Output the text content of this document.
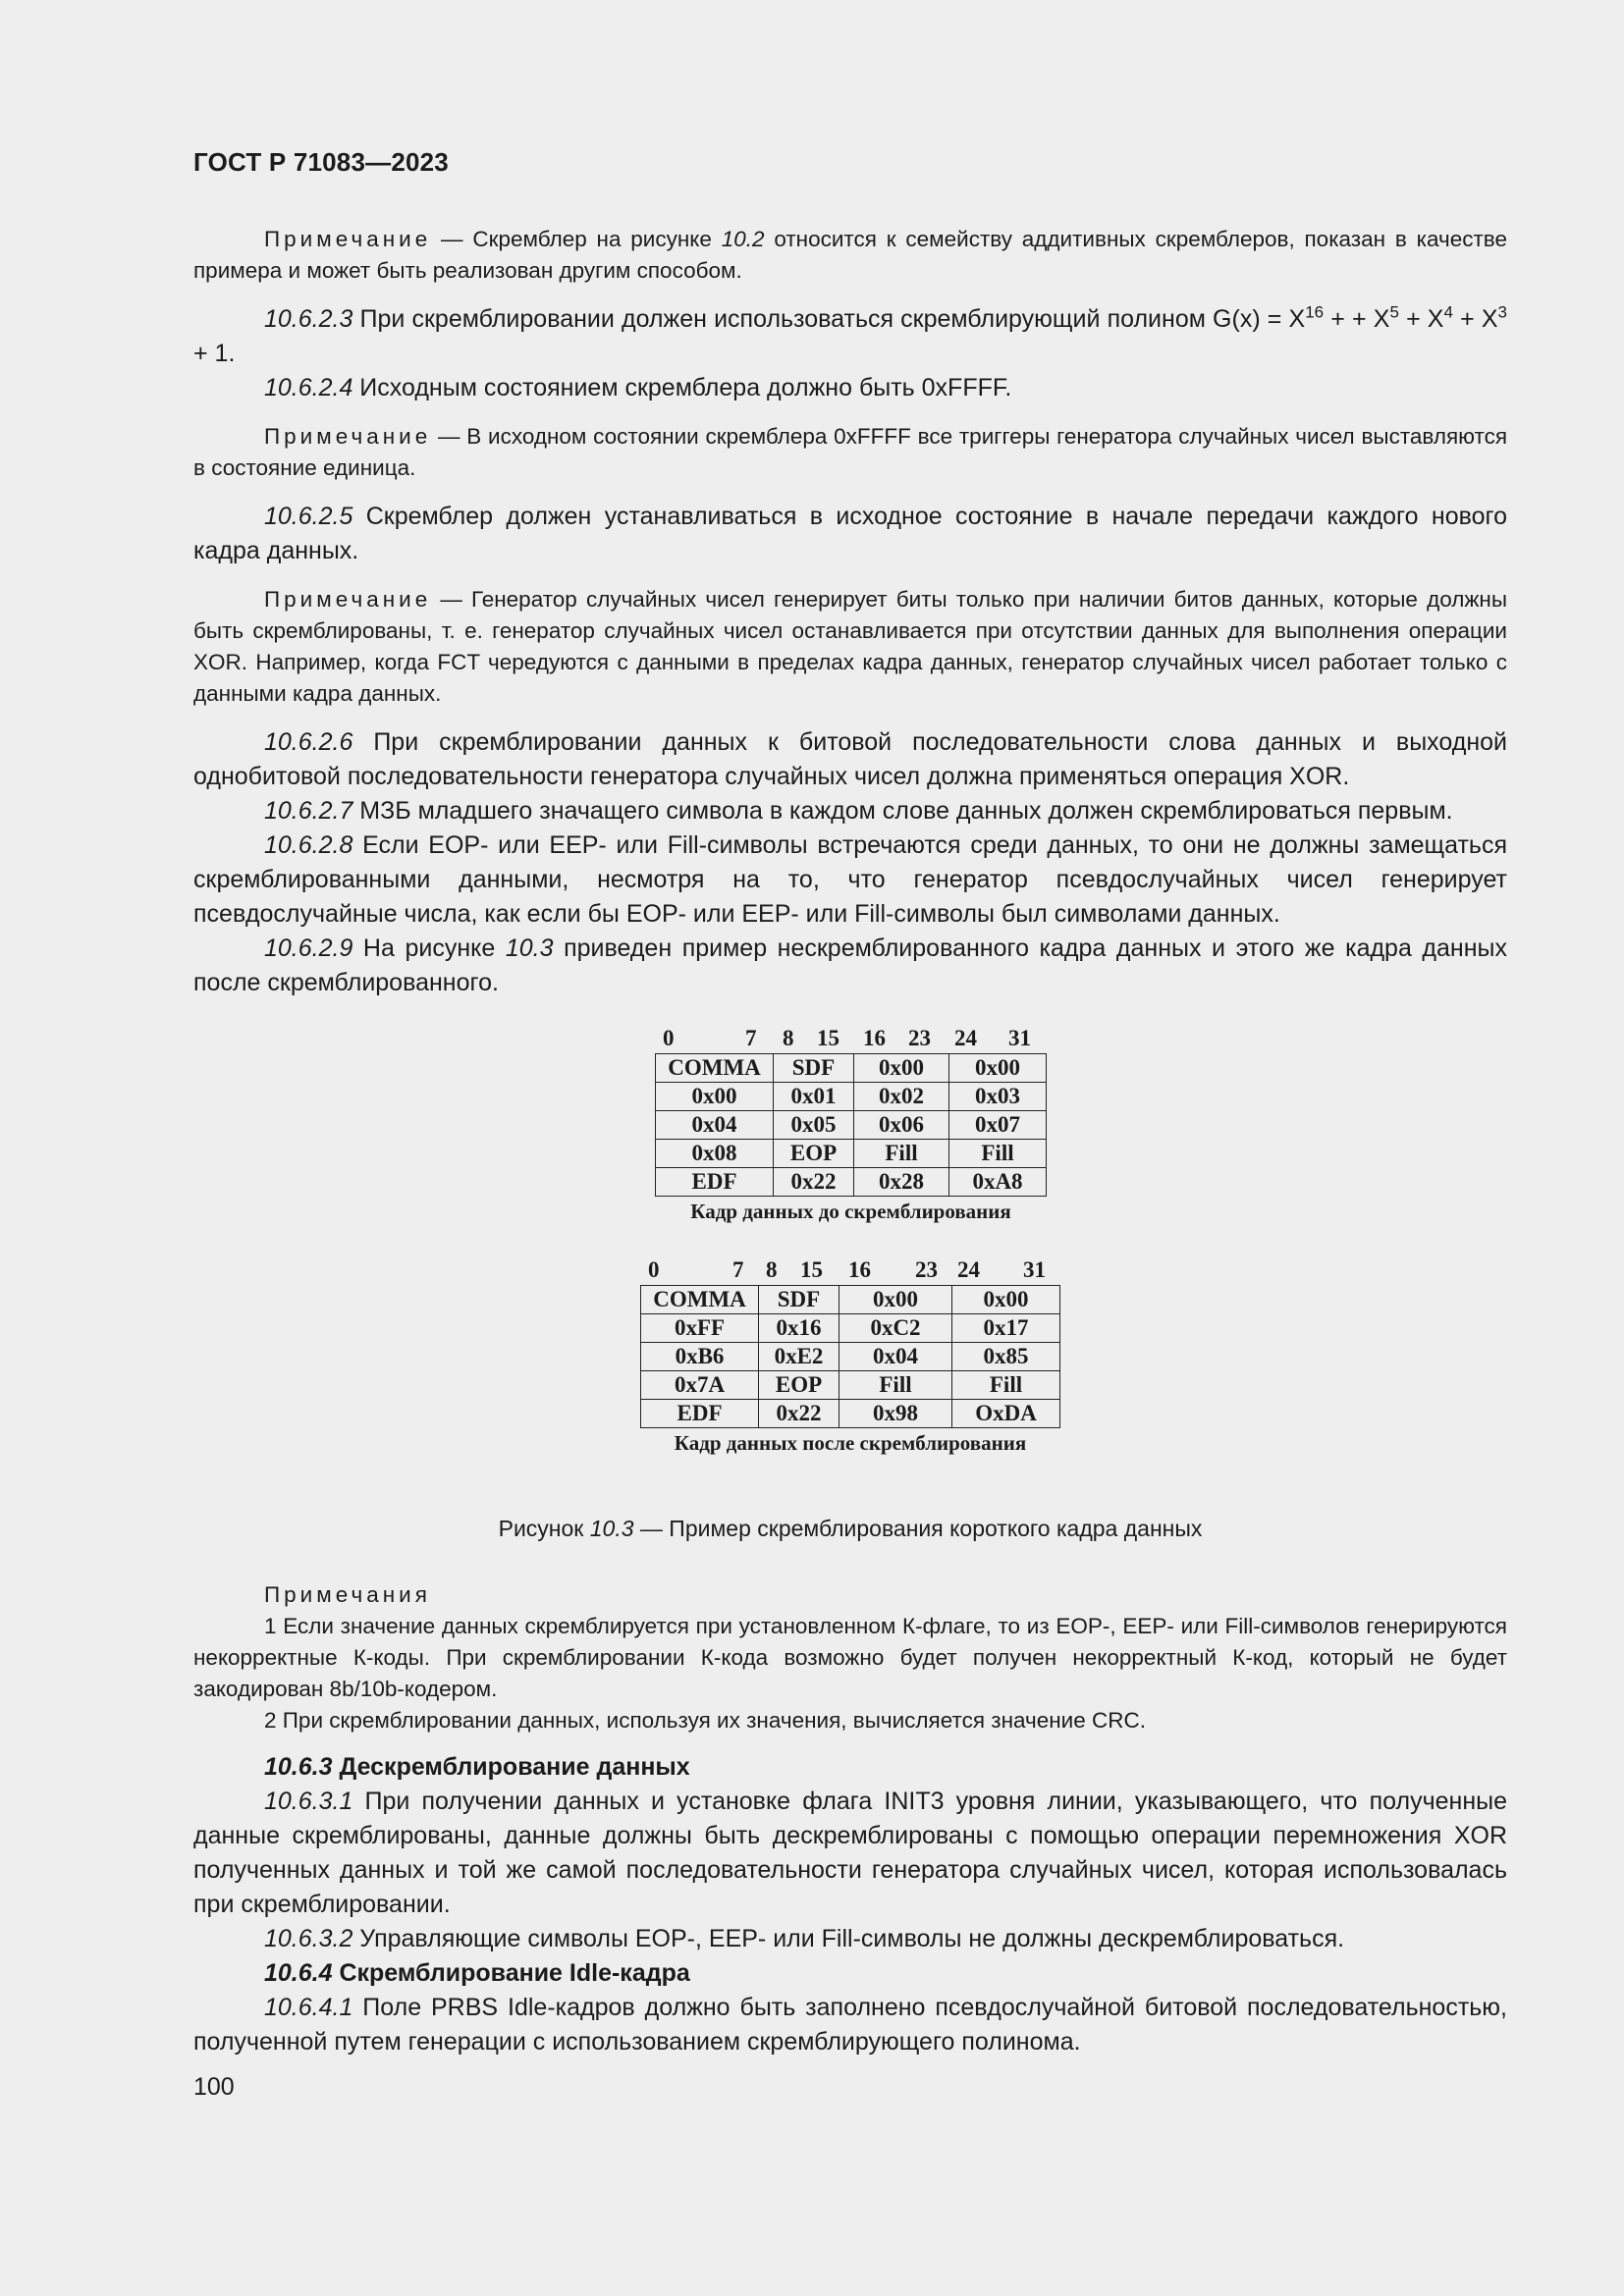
ГОСТ Р 71083—2023

Примечание — Скремблер на рисунке 10.2 относится к семейству аддитивных скремблеров, показан в качестве примера и может быть реализован другим способом.

10.6.2.3 При скремблировании должен использоваться скремблирующий полином $G(x) = X^{16}$ + + $X^5 + X^4 + X^3 + 1$.

10.6.2.4 Исходным состоянием скремблера должно быть 0xFFFF.

Примечание — В исходном состоянии скремблера 0xFFFF все триггеры генератора случайных чисел выставляются в состояние единица.

10.6.2.5 Скремблер должен устанавливаться в исходное состояние в начале передачи каждого нового кадра данных.

Примечание — Генератор случайных чисел генерирует биты только при наличии битов данных, которые должны быть скремблированы, т. е. генератор случайных чисел останавливается при отсутствии данных для выполнения операции XOR. Например, когда FCT чередуются с данными в пределах кадра данных, генератор случайных чисел работает только с данными кадра данных.

10.6.2.6 При скремблировании данных к битовой последовательности слова данных и выходной однобитовой последовательности генератора случайных чисел должна применяться операция XOR.

10.6.2.7 МЗБ младшего значащего символа в каждом слове данных должен скремблироваться первым.

10.6.2.8 Если EOP- или EEP- или Fill-символы встречаются среди данных, то они не должны замещаться скремблированными данными, несмотря на то, что генератор псевдослучайных чисел генерирует псевдослучайные числа, как если бы EOP- или EEP- или Fill-символы был символами данных.

10.6.2.9 На рисунке 10.3 приведен пример нескремблированного кадра данных и этого же кадра данных после скремблированного.

0	7 8 15 16 23 24 31
COMMA	SDF	0x00	0x00
0x00	0x01	0x02	0x03
0x04	0x05	0x06	0x07
0x08	EOP	Fill	Fill
EDF	0x22	0x28	0xA8
Кадр данных до скремблирования
0	7 8 15 16 23 24 31
COMMA	SDF	0x00	0x00
0xFF	0x16	0xC2	0x17
0xB6	0xE2	0x04	0x85
0x7A	EOP	Fill	Fill
EDF	0x22	0x98	OxDA
Кадр данных после скремблирования

Рисунок 10.3 — Пример скремблирования короткого кадра данных

Примечания

1 Если значение данных скремблируется при установленном К-флаге, то из EOP-, EEP- или Fill-символов генерируются некорректные К-коды. При скремблировании К-кода возможно будет получен некорректный К-код, который не будет закодирован 8b/10b-кодером.

2 При скремблировании данных, используя их значения, вычисляется значение CRC.

10.6.3 Дескремблирование данных

10.6.3.1 При получении данных и установке флага INIT3 уровня линии, указывающего, что полученные данные скремблированы, данные должны быть дескремблированы с помощью операции перемножения XOR полученных данных и той же самой последовательности генератора случайных чисел, которая использовалась при скремблировании.

10.6.3.2 Управляющие символы EOP-, EEP- или Fill-символы не должны дескремблироваться.

10.6.4 Скремблирование Idle-кадра

10.6.4.1 Поле PRBS Idle-кадров должно быть заполнено псевдослучайной битовой последовательностью, полученной путем генерации с использованием скремблирующего полинома.

100
